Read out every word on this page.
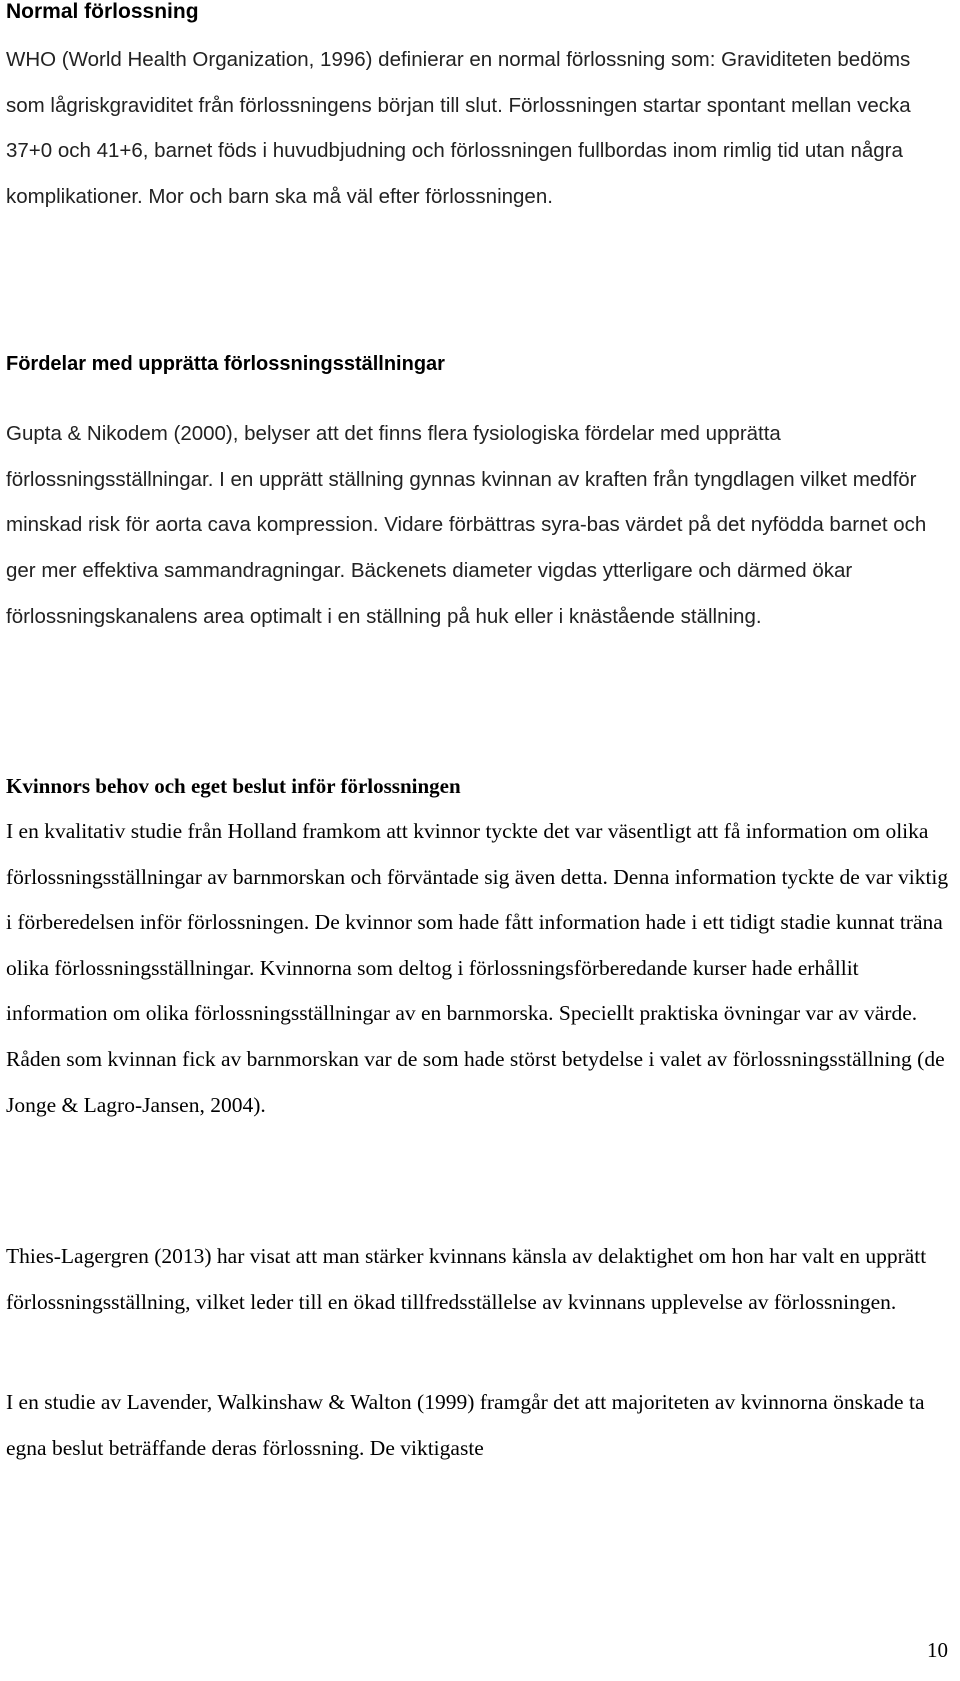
Normal förlossning

WHO (World Health Organization, 1996) definierar en normal förlossning som: Graviditeten bedöms som lågriskgraviditet från förlossningens början till slut. Förlossningen startar spontant mellan vecka 37+0 och 41+6, barnet föds i huvudbjudning och förlossningen fullbordas inom rimlig tid utan några komplikationer. Mor och barn ska må väl efter förlossningen.

Fördelar med upprätta förlossningsställningar

Gupta & Nikodem (2000), belyser att det finns flera fysiologiska fördelar med upprätta förlossningsställningar. I en upprätt ställning gynnas kvinnan av kraften från tyngdlagen vilket medför minskad risk för aorta cava kompression. Vidare förbättras syra-bas värdet på det nyfödda barnet och ger mer effektiva sammandragningar. Bäckenets diameter vigdas ytterligare och därmed ökar förlossningskanalens area optimalt i en ställning på huk eller i knästående ställning.

Kvinnors behov och eget beslut inför förlossningen

I en kvalitativ studie från Holland framkom att kvinnor tyckte det var väsentligt att få information om olika förlossningsställningar av barnmorskan och förväntade sig även detta. Denna information tyckte de var viktig i förberedelsen inför förlossningen. De kvinnor som hade fått information hade i ett tidigt stadie kunnat träna olika förlossningsställningar. Kvinnorna som deltog i förlossningsförberedande kurser hade erhållit information om olika förlossningsställningar av en barnmorska. Speciellt praktiska övningar var av värde. Råden som kvinnan fick av barnmorskan var de som hade störst betydelse i valet av förlossningsställning (de Jonge & Lagro-Jansen, 2004).

Thies-Lagergren (2013) har visat att man stärker kvinnans känsla av delaktighet om hon har valt en upprätt förlossningsställning, vilket leder till en ökad tillfredsställelse av kvinnans upplevelse av förlossningen.

I en studie av Lavender, Walkinshaw & Walton (1999) framgår det att majoriteten av kvinnorna önskade ta egna beslut beträffande deras förlossning. De viktigaste

10
